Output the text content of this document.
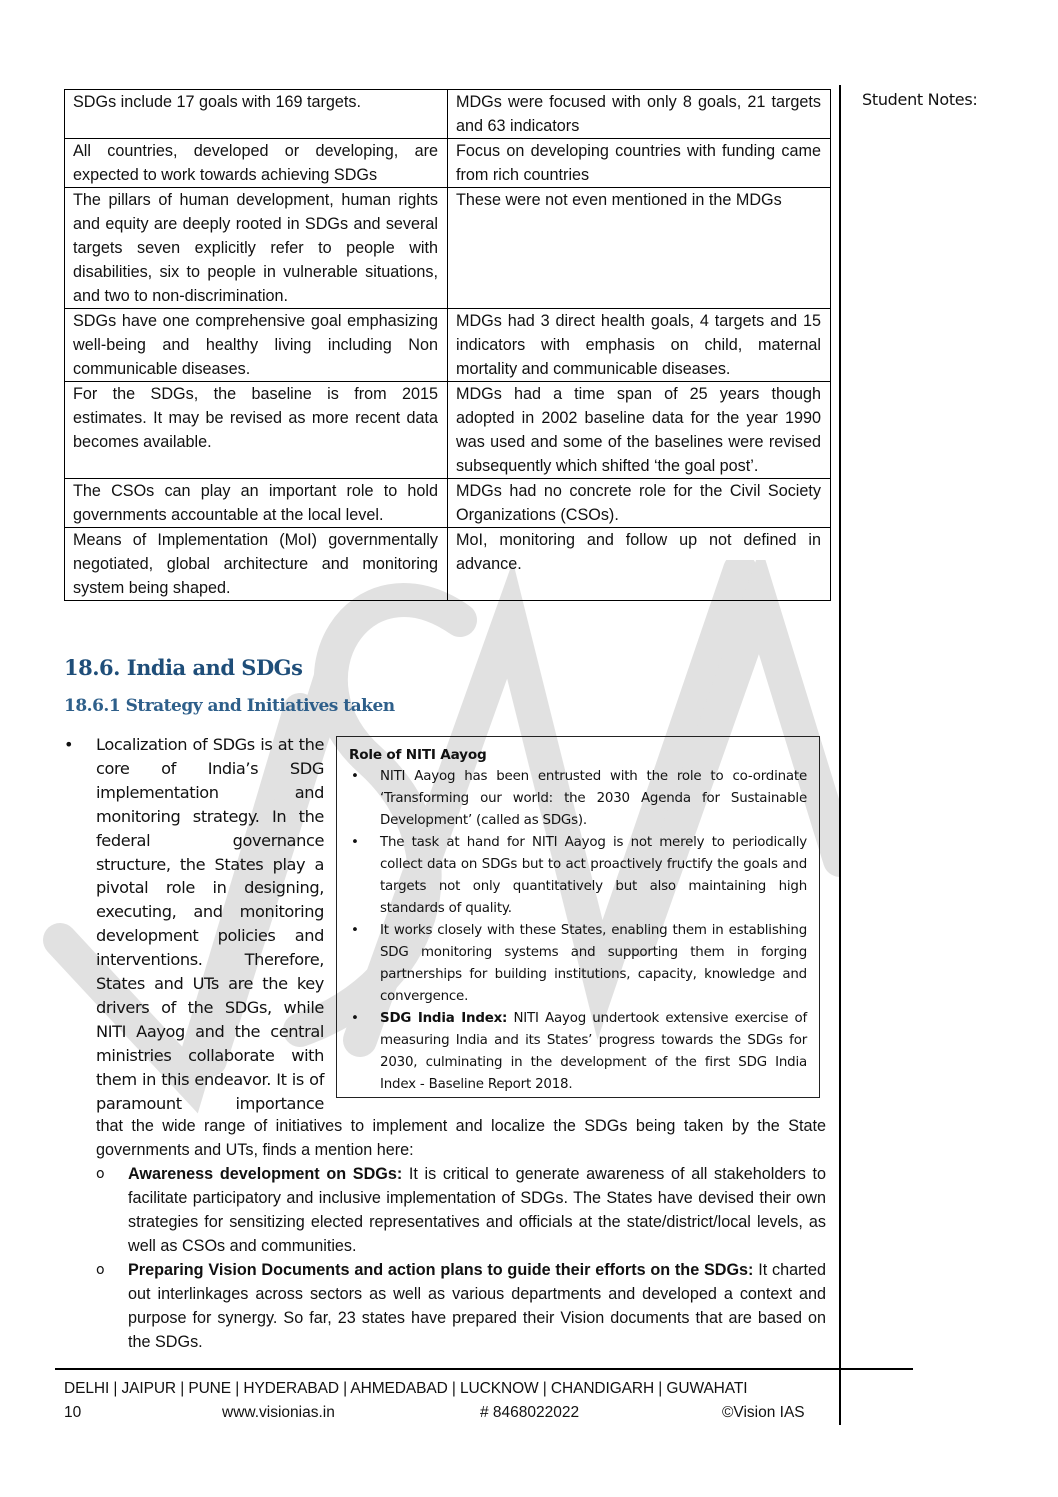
Student Notes:
SDGs include 17 goals with 169 targets.	MDGs were focused with only 8 goals, 21 targets and 63 indicators
All countries, developed or developing, are expected to work towards achieving SDGs	Focus on developing countries with funding came from rich countries
The pillars of human development, human rights and equity are deeply rooted in SDGs and several targets seven explicitly refer to people with disabilities, six to people in vulnerable situations, and two to non-discrimination.	These were not even mentioned in the MDGs
SDGs have one comprehensive goal emphasizing well-being and healthy living including Non communicable diseases.	MDGs had 3 direct health goals, 4 targets and 15 indicators with emphasis on child, maternal mortality and communicable diseases.
For the SDGs, the baseline is from 2015 estimates. It may be revised as more recent data becomes available.	MDGs had a time span of 25 years though adopted in 2002 baseline data for the year 1990 was used and some of the baselines were revised subsequently which shifted ‘the goal post’.
The CSOs can play an important role to hold governments accountable at the local level.	MDGs had no concrete role for the Civil Society Organizations (CSOs).
Means of Implementation (MoI) governmentally negotiated, global architecture and monitoring system being shaped.	MoI, monitoring and follow up not defined in advance.
18.6. India and SDGs
18.6.1 Strategy and Initiatives taken
• Localization of SDGs is at the core of India’s SDG implementation and monitoring strategy. In the federal governance structure, the States play a pivotal role in designing, executing, and monitoring development policies and interventions. Therefore, States and UTs are the key drivers of the SDGs, while NITI Aayog and the central ministries collaborate with them in this endeavor. It is of paramount importance
Role of NITI Aayog
• NITI Aayog has been entrusted with the role to co-ordinate ‘Transforming our world: the 2030 Agenda for Sustainable Development’ (called as SDGs).
• The task at hand for NITI Aayog is not merely to periodically collect data on SDGs but to act proactively fructify the goals and targets not only quantitatively but also maintaining high standards of quality.
• It works closely with these States, enabling them in establishing SDG monitoring systems and supporting them in forging partnerships for building institutions, capacity, knowledge and convergence.
• SDG India Index: NITI Aayog undertook extensive exercise of measuring India and its States’ progress towards the SDGs for 2030, culminating in the development of the first SDG India Index - Baseline Report 2018.
that the wide range of initiatives to implement and localize the SDGs being taken by the State governments and UTs, finds a mention here:
o Awareness development on SDGs: It is critical to generate awareness of all stakeholders to facilitate participatory and inclusive implementation of SDGs. The States have devised their own strategies for sensitizing elected representatives and officials at the state/district/local levels, as well as CSOs and communities.
o Preparing Vision Documents and action plans to guide their efforts on the SDGs: It charted out interlinkages across sectors as well as various departments and developed a context and purpose for synergy. So far, 23 states have prepared their Vision documents that are based on the SDGs.
DELHI | JAIPUR | PUNE | HYDERABAD | AHMEDABAD | LUCKNOW | CHANDIGARH | GUWAHATI
10	www.visionias.in	# 8468022022	©Vision IAS
